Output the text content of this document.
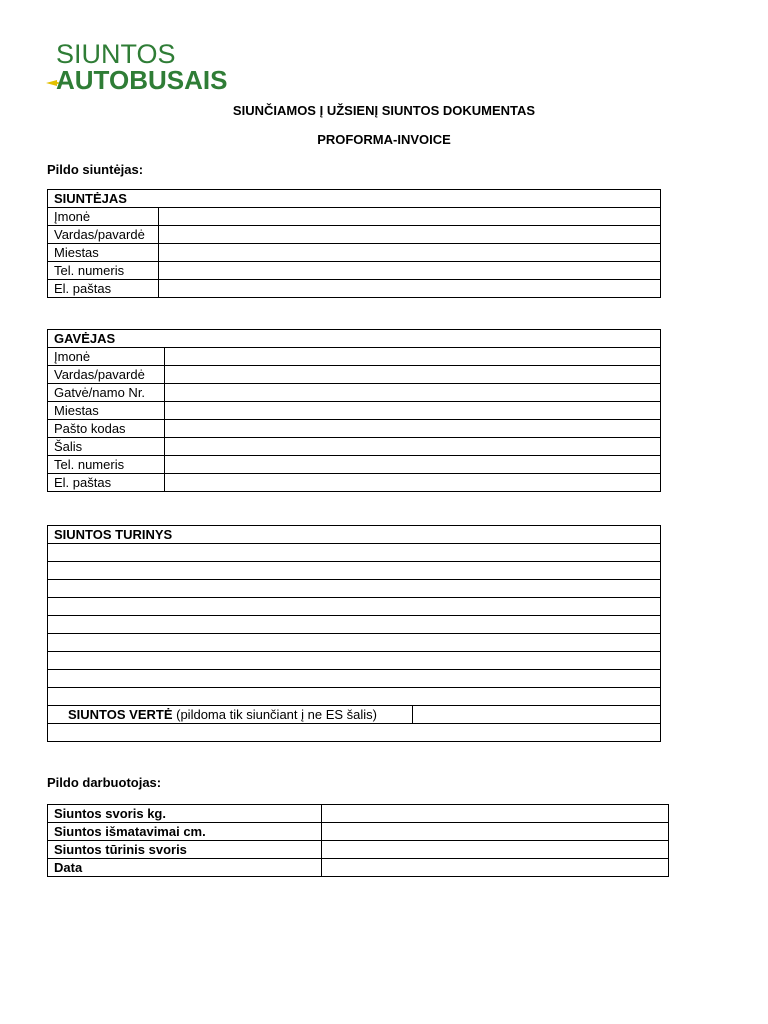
SIUNTOS
AUTOBUSAIS
SIUNČIAMOS Į UŽSIENĮ SIUNTOS DOKUMENTAS
PROFORMA-INVOICE
Pildo siuntėjas:
SIUNTĖJAS	
Įmonė	
Vardas/pavardė	
Miestas	
Tel. numeris	
El. paštas	
GAVĖJAS	
Įmonė	
Vardas/pavardė	
Gatvė/namo Nr.	
Miestas	
Pašto kodas	
Šalis	
Tel. numeris	
El. paštas	
SIUNTOS TURINYS

SIUNTOS VERTĖ (pildoma tik siunčiant į ne ES šalis)	

Pildo darbuotojas:
Siuntos svoris kg.	
Siuntos išmatavimai cm.	
Siuntos tūrinis svoris	
Data	
